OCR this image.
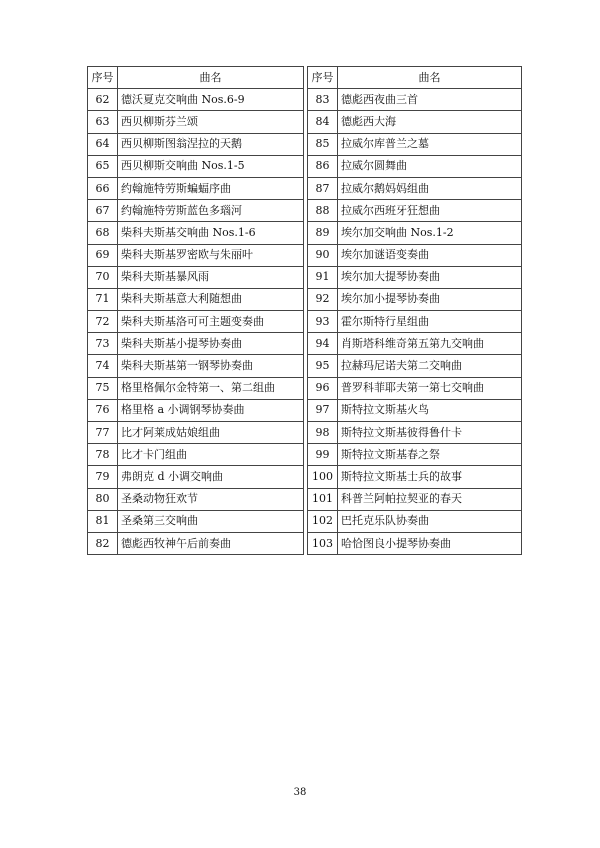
序号	曲名
62	德沃夏克交响曲 Nos.6-9
63	西贝柳斯芬兰颂
64	西贝柳斯图翁涅拉的天鹅
65	西贝柳斯交响曲 Nos.1-5
66	约翰施特劳斯蝙蝠序曲
67	约翰施特劳斯蓝色多瑙河
68	柴科夫斯基交响曲 Nos.1-6
69	柴科夫斯基罗密欧与朱丽叶
70	柴科夫斯基暴风雨
71	柴科夫斯基意大利随想曲
72	柴科夫斯基洛可可主题变奏曲
73	柴科夫斯基小提琴协奏曲
74	柴科夫斯基第一钢琴协奏曲
75	格里格佩尔金特第一、第二组曲
76	格里格 a 小调钢琴协奏曲
77	比才阿莱成姑娘组曲
78	比才卡门组曲
79	弗朗克 d 小调交响曲
80	圣桑动物狂欢节
81	圣桑第三交响曲
82	德彪西牧神午后前奏曲
序号	曲名
83	德彪西夜曲三首
84	德彪西大海
85	拉威尔库普兰之墓
86	拉威尔圆舞曲
87	拉威尔鹅妈妈组曲
88	拉威尔西班牙狂想曲
89	埃尔加交响曲 Nos.1-2
90	埃尔加谜语变奏曲
91	埃尔加大提琴协奏曲
92	埃尔加小提琴协奏曲
93	霍尔斯特行星组曲
94	肖斯塔科维奇第五第九交响曲
95	拉赫玛尼诺夫第二交响曲
96	普罗科菲耶夫第一第七交响曲
97	斯特拉文斯基火鸟
98	斯特拉文斯基彼得鲁什卡
99	斯特拉文斯基春之祭
100	斯特拉文斯基士兵的故事
101	科普兰阿帕拉契亚的春天
102	巴托克乐队协奏曲
103	哈恰图良小提琴协奏曲
38
